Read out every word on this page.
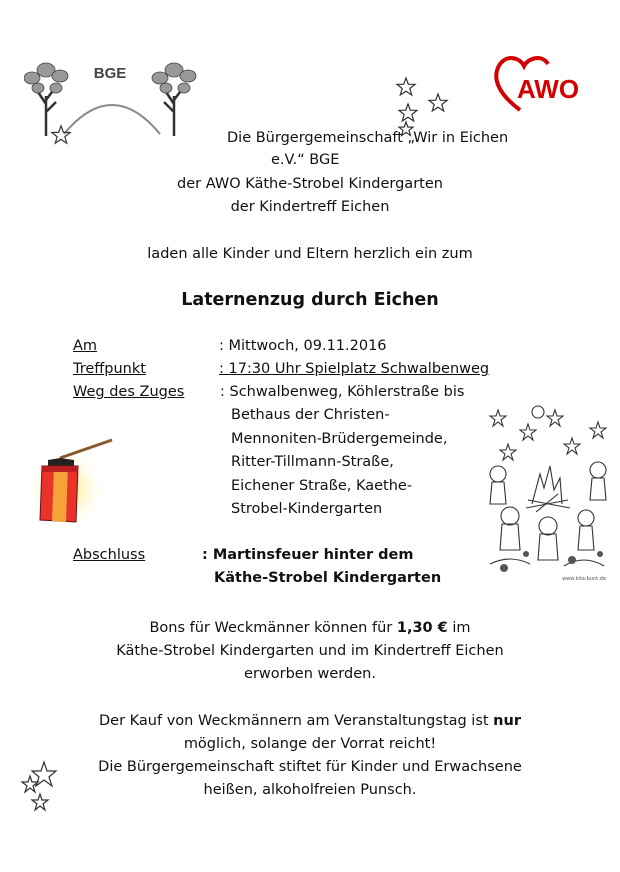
BGE
AWO
Die Bürgergemeinschaft „Wir in Eichen
e.V.“ BGE
der AWO Käthe-Strobel Kindergarten
der Kindertreff Eichen
laden alle Kinder und Eltern herzlich ein zum
Laternenzug durch Eichen
Am	: Mittwoch, 09.11.2016
Treffpunkt	: 17:30 Uhr Spielplatz Schwalbenweg
Weg des Zuges : Schwalbenweg, Köhlerstraße bis
Bethaus der Christen-
Mennoniten-Brüdergemeinde,
Ritter-Tillmann-Straße,
Eichener Straße, Kaethe-
Strobel-Kindergarten
Abschluss	: Martinsfeuer hinter dem
Käthe-Strobel Kindergarten	www.kita-bunt.de
Bons für Weckmänner können für 1,30 € im
Käthe-Strobel Kindergarten und im Kindertreff Eichen
erworben werden.
Der Kauf von Weckmännern am Veranstaltungstag ist nur
möglich, solange der Vorrat reicht!
Die Bürgergemeinschaft stiftet für Kinder und Erwachsene
heißen, alkoholfreien Punsch.
